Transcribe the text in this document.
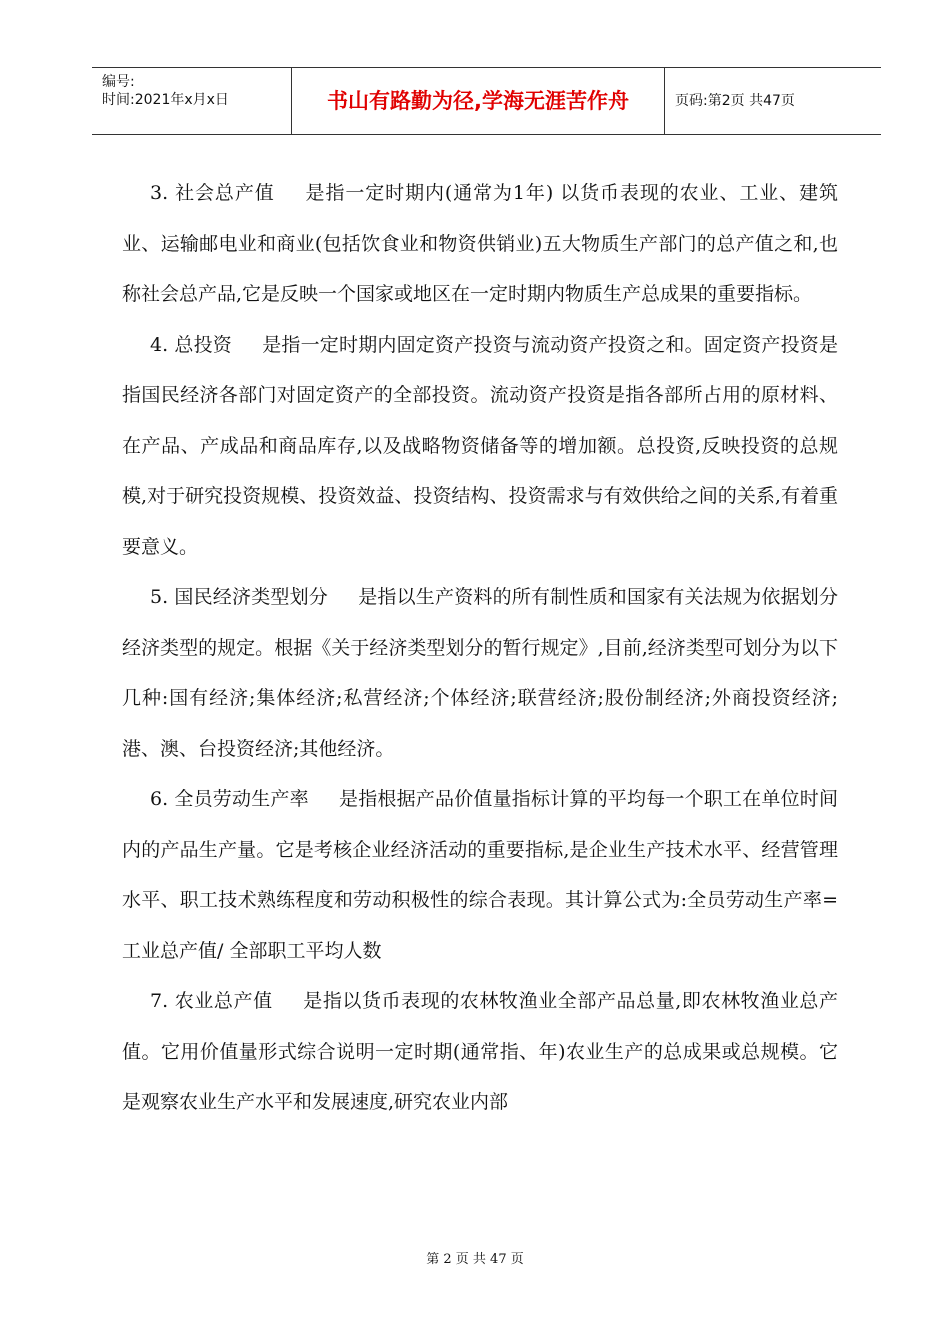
编号:
时间:2021年x月x日	书山有路勤为径,学海无涯苦作舟	页码:第2页 共47页

3. 社会总产值 是指一定时期内(通常为1年) 以货币表现的农业、工业、建筑业、运输邮电业和商业(包括饮食业和物资供销业)五大物质生产部门的总产值之和,也称社会总产品,它是反映一个国家或地区在一定时期内物质生产总成果的重要指标。

4. 总投资 是指一定时期内固定资产投资与流动资产投资之和。固定资产投资是指国民经济各部门对固定资产的全部投资。流动资产投资是指各部所占用的原材料、在产品、产成品和商品库存,以及战略物资储备等的增加额。总投资,反映投资的总规模,对于研究投资规模、投资效益、投资结构、投资需求与有效供给之间的关系,有着重要意义。

5. 国民经济类型划分 是指以生产资料的所有制性质和国家有关法规为依据划分经济类型的规定。根据《关于经济类型划分的暂行规定》,目前,经济类型可划分为以下几种:国有经济;集体经济;私营经济;个体经济;联营经济;股份制经济;外商投资经济;港、澳、台投资经济;其他经济。

6. 全员劳动生产率 是指根据产品价值量指标计算的平均每一个职工在单位时间内的产品生产量。它是考核企业经济活动的重要指标,是企业生产技术水平、经营管理水平、职工技术熟练程度和劳动积极性的综合表现。其计算公式为:全员劳动生产率=工业总产值/ 全部职工平均人数

7. 农业总产值 是指以货币表现的农林牧渔业全部产品总量,即农林牧渔业总产值。它用价值量形式综合说明一定时期(通常指、年)农业生产的总成果或总规模。它是观察农业生产水平和发展速度,研究农业内部

第 2 页 共 47 页
